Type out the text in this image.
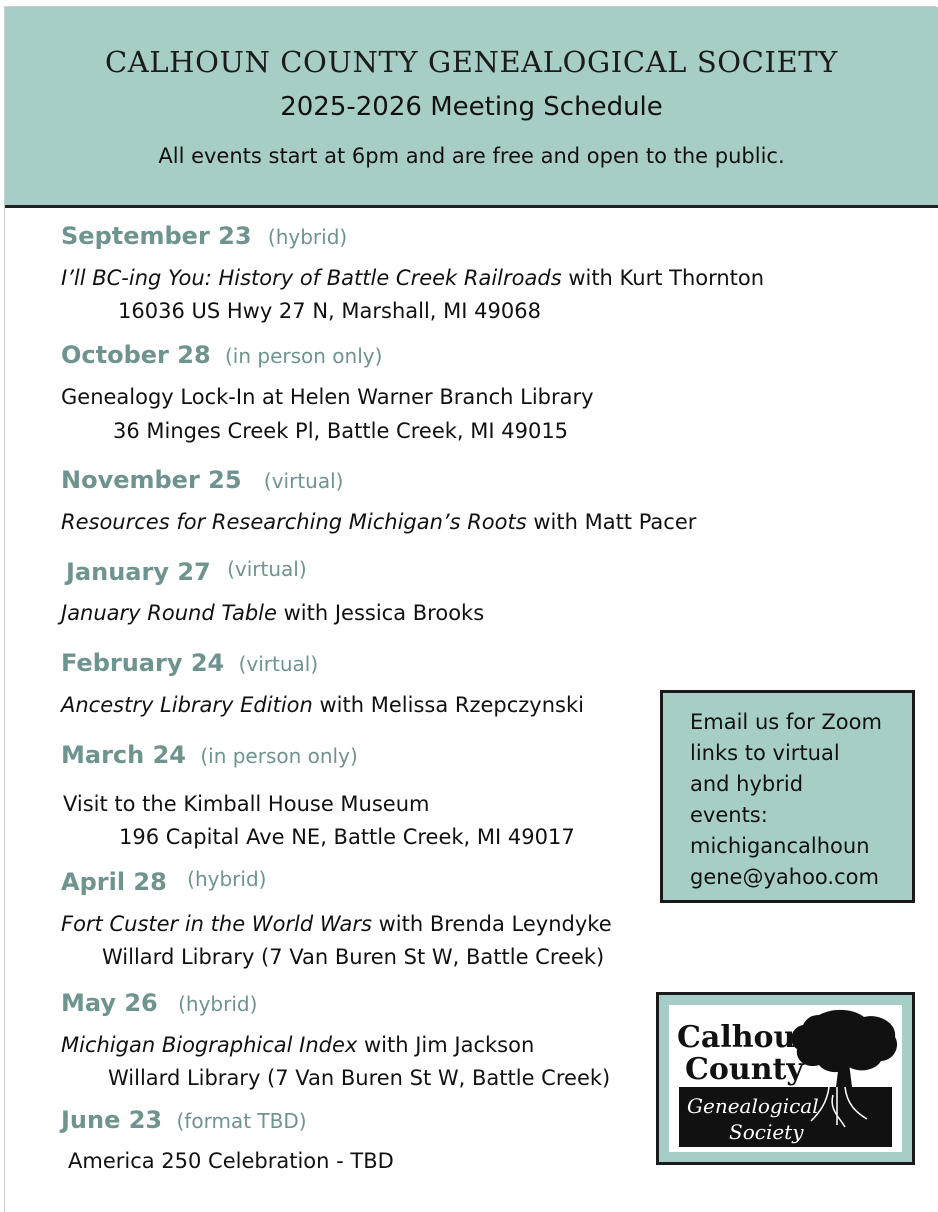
CALHOUN COUNTY GENEALOGICAL SOCIETY
2025-2026 Meeting Schedule
All events start at 6pm and are free and open to the public.
September 23 (hybrid)
I’ll BC-ing You: History of Battle Creek Railroads with Kurt Thornton
16036 US Hwy 27 N, Marshall, MI 49068
October 28 (in person only)
Genealogy Lock-In at Helen Warner Branch Library
36 Minges Creek Pl, Battle Creek, MI 49015
November 25 (virtual)
Resources for Researching Michigan’s Roots with Matt Pacer
January 27 (virtual)
January Round Table with Jessica Brooks
February 24 (virtual)
Ancestry Library Edition with Melissa Rzepczynski
March 24 (in person only)
Visit to the Kimball House Museum
196 Capital Ave NE, Battle Creek, MI 49017
April 28 (hybrid)
Fort Custer in the World Wars with Brenda Leyndyke
Willard Library (7 Van Buren St W, Battle Creek)
May 26 (hybrid)
Michigan Biographical Index with Jim Jackson
Willard Library (7 Van Buren St W, Battle Creek)
June 23 (format TBD)
America 250 Celebration - TBD
Email us for Zoom
links to virtual
and hybrid
events:
michigancalhoun
gene@yahoo.com
Calhoun
County
Genealogical
Society
